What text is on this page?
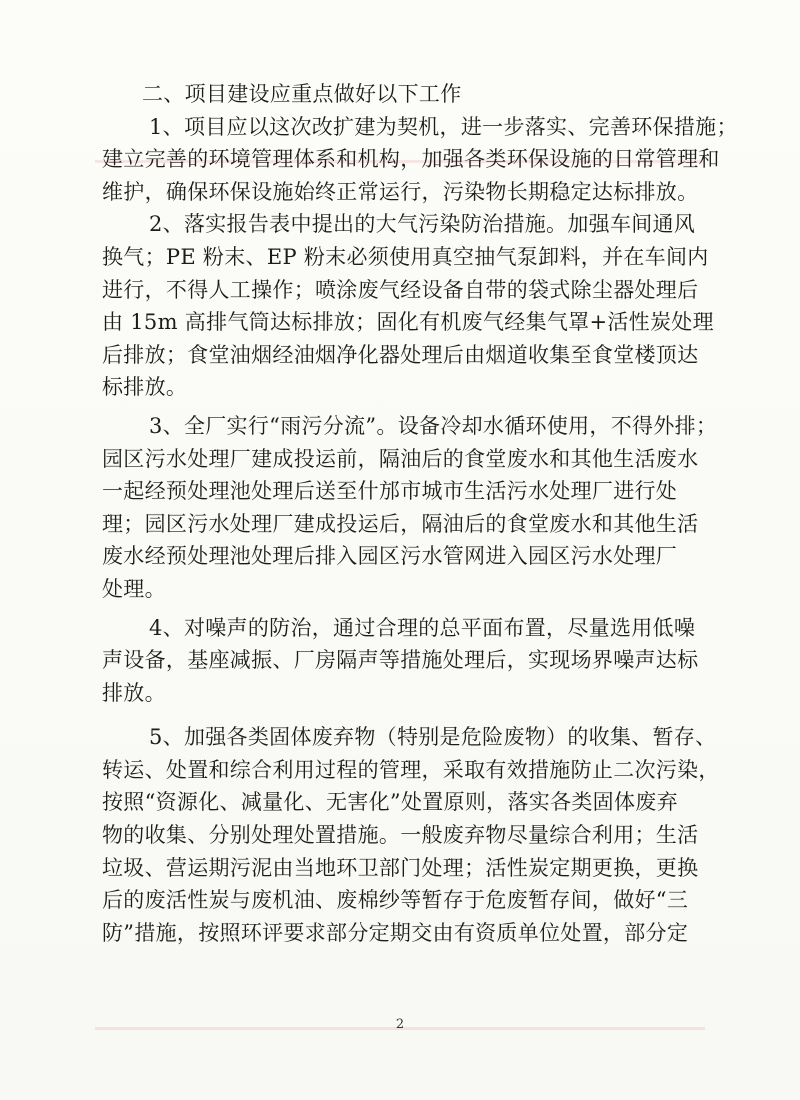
二、项目建设应重点做好以下工作
1、项目应以这次改扩建为契机，进一步落实、完善环保措施；
建立完善的环境管理体系和机构，加强各类环保设施的日常管理和
维护，确保环保设施始终正常运行，污染物长期稳定达标排放。
2、落实报告表中提出的大气污染防治措施。加强车间通风
换气；PE 粉末、EP 粉末必须使用真空抽气泵卸料，并在车间内
进行，不得人工操作；喷涂废气经设备自带的袋式除尘器处理后
由 15m 高排气筒达标排放；固化有机废气经集气罩+活性炭处理
后排放；食堂油烟经油烟净化器处理后由烟道收集至食堂楼顶达
标排放。
3、全厂实行“雨污分流”。设备冷却水循环使用，不得外排；
园区污水处理厂建成投运前，隔油后的食堂废水和其他生活废水
一起经预处理池处理后送至什邡市城市生活污水处理厂进行处
理；园区污水处理厂建成投运后，隔油后的食堂废水和其他生活
废水经预处理池处理后排入园区污水管网进入园区污水处理厂
处理。
4、对噪声的防治，通过合理的总平面布置，尽量选用低噪
声设备，基座减振、厂房隔声等措施处理后，实现场界噪声达标
排放。
5、加强各类固体废弃物（特别是危险废物）的收集、暂存、
转运、处置和综合利用过程的管理，采取有效措施防止二次污染，
按照“资源化、减量化、无害化”处置原则，落实各类固体废弃
物的收集、分别处理处置措施。一般废弃物尽量综合利用；生活
垃圾、营运期污泥由当地环卫部门处理；活性炭定期更换，更换
后的废活性炭与废机油、废棉纱等暂存于危废暂存间，做好“三
防”措施，按照环评要求部分定期交由有资质单位处置，部分定
2
